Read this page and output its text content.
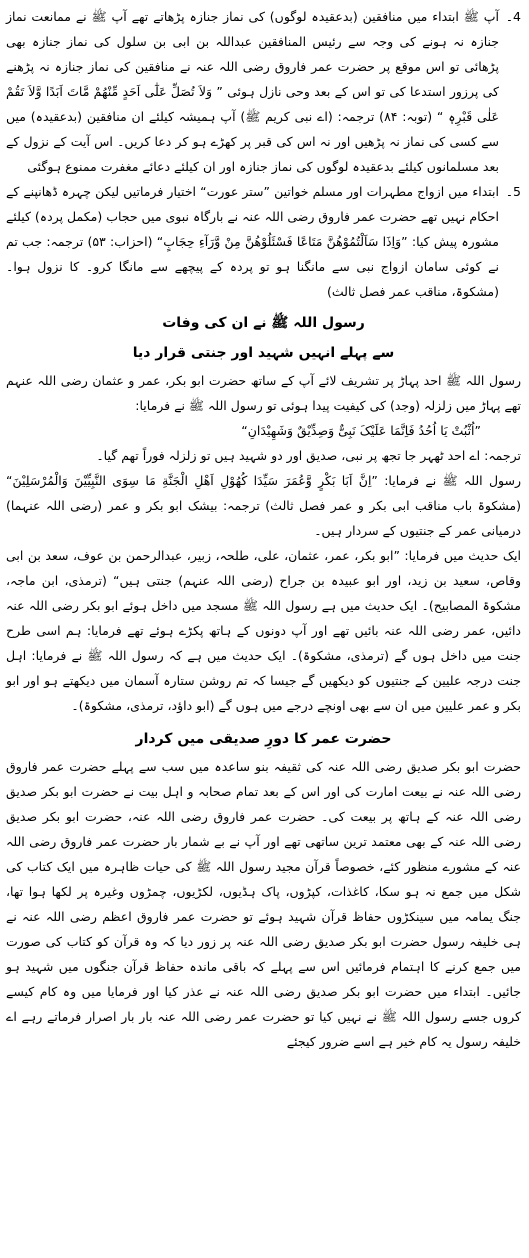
4۔

آپ ﷺ ابتداء میں منافقین (بدعقیدہ لوگوں) کی نماز جنازہ پڑھاتے تھے آپ ﷺ نے ممانعت نماز جنازہ نہ ہونے کی وجہ سے رئیس المنافقین عبداللہ بن ابی بن سلول کی نماز جنازہ بھی پڑھائی تو اس موقع پر حضرت عمر فاروق رضی اللہ عنہ نے منافقین کی نماز جنازہ نہ پڑھنے کی پرزور استدعا کی تو اس کے بعد وحی نازل ہوئی ” وَلاَ تُصَلِّ عَلٰٓی اَحَدٍ مِّنْهُمْ مَّاتَ اَبَدًا وَّلاَ تَقُمْ عَلٰی قَبْرِهٖ “ (توبہ: ۸۴) ترجمہ: (اے نبی کریم ﷺ) آپ ہمیشہ کیلئے ان منافقین (بدعقیدہ) میں سے کسی کی نماز نہ پڑھیں اور نہ اس کی قبر پر کھڑے ہو کر دعا کریں۔ اس آیت کے نزول کے بعد مسلمانوں کیلئے بدعقیدہ لوگوں کی نماز جنازہ اور ان کیلئے دعائے مغفرت ممنوع ہوگئی

5۔

ابتداء میں ازواج مطہرات اور مسلم خواتین ”ستر عورت“ اختیار فرماتیں لیکن چہرہ ڈھانپنے کے احکام نہیں تھے حضرت عمر فاروق رضی اللہ عنہ نے بارگاہ نبوی میں حجاب (مکمل پردہ) کیلئے مشورہ پیش کیا: ”وَاِذَا سَاَلْتُمُوْهُنَّ مَتَاعًا فَسْئَلُوْهُنَّ مِنْ وَّرَآءِ حِجَابٍ“ (احزاب: ۵۳) ترجمہ: جب تم نے کوئی سامان ازواج نبی سے مانگنا ہو تو پردہ کے پیچھے سے مانگا کرو۔ کا نزول ہوا۔ (مشکوۃ، مناقب عمر فصل ثالث)

رسول اللہ ﷺ نے ان کی وفات
سے پہلے انہیں شہید اور جنتی قرار دیا

رسول اللہ ﷺ احد پہاڑ پر تشریف لائے آپ کے ساتھ حضرت ابو بکر، عمر و عثمان رضی اللہ عنہم تھے پہاڑ میں زلزلہ (وجد) کی کیفیت پیدا ہوئی تو رسول اللہ ﷺ نے فرمایا:

”اُثْبُتْ یَا اُحُدُ فَاِنَّمَا عَلَیْکَ نَبِیٌّ وَصِدِّیْقٌ وَشَهِیْدَانِ“

ترجمہ: اے احد ٹھہر جا تجھ پر نبی، صدیق اور دو شہید ہیں تو زلزلہ فوراً تھم گیا۔

رسول اللہ ﷺ نے فرمایا: ”اِنَّ اَبَا بَکْرٍ وَّعُمَرَ سَیِّدَا کُهُوْلِ اَهْلِ الْجَنَّةِ مَا سِوَی النَّبِیِّیْنَ وَالْمُرْسَلِیْنَ“ (مشکوۃ باب مناقب ابی بکر و عمر فصل ثالث) ترجمہ: بیشک ابو بکر و عمر (رضی اللہ عنہما) درمیانی عمر کے جنتیوں کے سردار ہیں۔

ایک حدیث میں فرمایا: ”ابو بکر، عمر، عثمان، علی، طلحہ، زبیر، عبدالرحمن بن عوف، سعد بن ابی وقاص، سعید بن زید، اور ابو عبیدہ بن جراح (رضی اللہ عنہم) جنتی ہیں“ (ترمذی، ابن ماجہ، مشکوۃ المصابیح)۔ ایک حدیث میں ہے رسول اللہ ﷺ مسجد میں داخل ہوئے ابو بکر رضی اللہ عنہ دائیں، عمر رضی اللہ عنہ بائیں تھے اور آپ دونوں کے ہاتھ پکڑے ہوئے تھے فرمایا: ہم اسی طرح جنت میں داخل ہوں گے (ترمذی، مشکوۃ)۔ ایک حدیث میں ہے کہ رسول اللہ ﷺ نے فرمایا: اہل جنت درجہ علیین کے جنتیوں کو دیکھیں گے جیسا کہ تم روشن ستارہ آسمان میں دیکھتے ہو اور ابو بکر و عمر علیین میں ان سے بھی اونچے درجے میں ہوں گے (ابو داؤد، ترمذی، مشکوۃ)۔

حضرت عمر کا دورِ صدیقی میں کردار

حضرت ابو بکر صدیق رضی اللہ عنہ کی ثقیفہ بنو ساعدہ میں سب سے پہلے حضرت عمر فاروق رضی اللہ عنہ نے بیعت امارت کی اور اس کے بعد تمام صحابہ و اہل بیت نے حضرت ابو بکر صدیق رضی اللہ عنہ کے ہاتھ پر بیعت کی۔ حضرت عمر فاروق رضی اللہ عنہ، حضرت ابو بکر صدیق رضی اللہ عنہ کے بھی معتمد ترین ساتھی تھے اور آپ نے بے شمار بار حضرت عمر فاروق رضی اللہ عنہ کے مشورے منظور کئے، خصوصاً قرآن مجید رسول اللہ ﷺ کی حیات ظاہرہ میں ایک کتاب کی شکل میں جمع نہ ہو سکا، کاغذات، کپڑوں، پاک ہڈیوں، لکڑیوں، چمڑوں وغیرہ پر لکھا ہوا تھا، جنگ یمامہ میں سینکڑوں حفاظ قرآن شہید ہوئے تو حضرت عمر فاروق اعظم رضی اللہ عنہ نے ہی خلیفہ رسول حضرت ابو بکر صدیق رضی اللہ عنہ پر زور دیا کہ وہ قرآن کو کتاب کی صورت میں جمع کرنے کا اہتمام فرمائیں اس سے پہلے کہ باقی ماندہ حفاظ قرآن جنگوں میں شہید ہو جائیں۔ ابتداء میں حضرت ابو بکر صدیق رضی اللہ عنہ نے عذر کیا اور فرمایا میں وہ کام کیسے کروں جسے رسول اللہ ﷺ نے نہیں کیا تو حضرت عمر رضی اللہ عنہ بار بار اصرار فرماتے رہے اے خلیفہ رسول یہ کام خیر ہے اسے ضرور کیجئے
